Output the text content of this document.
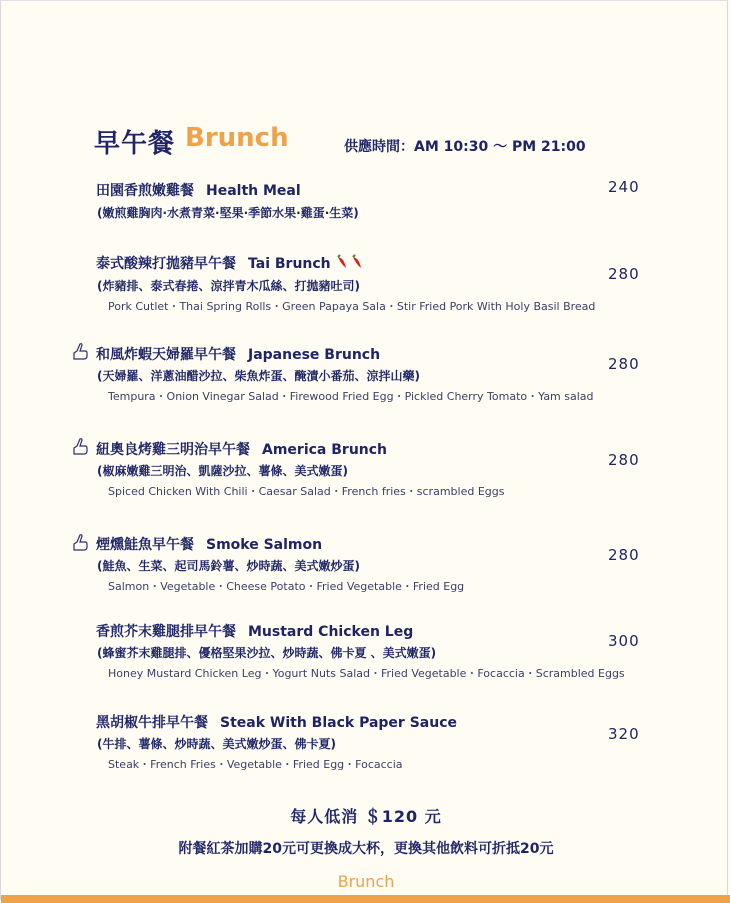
早午餐 Brunch	供應時間：AM 10:30 ～ PM 21:00
田園香煎嫩雞餐 Health Meal
(嫩煎雞胸肉·水煮青菜·堅果·季節水果·雞蛋·生菜)
240
泰式酸辣打拋豬早午餐 Tai Brunch
(炸豬排、泰式春捲、涼拌青木瓜絲、打拋豬吐司)
Pork Cutlet・Thai Spring Rolls・Green Papaya Sala・Stir Fried Pork With Holy Basil Bread
280
和風炸蝦天婦羅早午餐 Japanese Brunch
(天婦羅、洋蔥油醋沙拉、柴魚炸蛋、醃漬小番茄、涼拌山藥)
Tempura・Onion Vinegar Salad・Firewood Fried Egg・Pickled Cherry Tomato・Yam salad
280
紐奧良烤雞三明治早午餐 America Brunch
(椒麻嫩雞三明治、凱薩沙拉、薯條、美式嫩蛋)
Spiced Chicken With Chili・Caesar Salad・French fries・scrambled Eggs
280
煙燻鮭魚早午餐 Smoke Salmon
(鮭魚、生菜、起司馬鈴薯、炒時蔬、美式嫩炒蛋)
Salmon・Vegetable・Cheese Potato・Fried Vegetable・Fried Egg
280
香煎芥末雞腿排早午餐 Mustard Chicken Leg
(蜂蜜芥末雞腿排、優格堅果沙拉、炒時蔬、佛卡夏 、美式嫩蛋)
Honey Mustard Chicken Leg・Yogurt Nuts Salad・Fried Vegetable・Focaccia・Scrambled Eggs
300
黑胡椒牛排早午餐 Steak With Black Paper Sauce
(牛排、薯條、炒時蔬、美式嫩炒蛋、佛卡夏)
Steak・French Fries・Vegetable・Fried Egg・Focaccia
320
每人低消 ＄120 元
附餐紅茶加購20元可更換成大杯，更換其他飲料可折抵20元
Brunch
